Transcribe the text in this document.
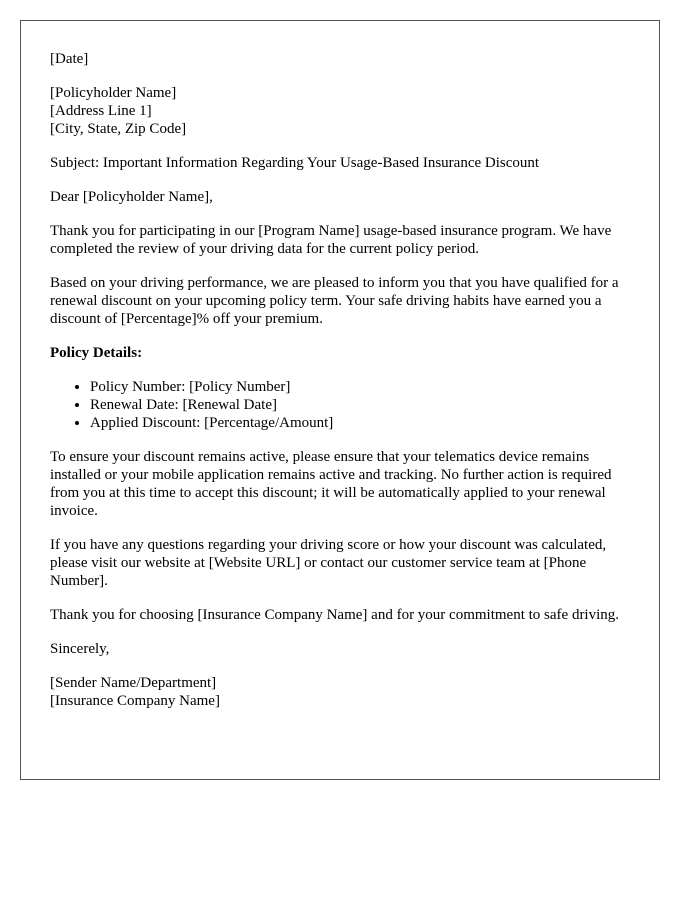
[Date]

[Policyholder Name]
[Address Line 1]
[City, State, Zip Code]

Subject: Important Information Regarding Your Usage-Based Insurance Discount

Dear [Policyholder Name],

Thank you for participating in our [Program Name] usage-based insurance program. We have completed the review of your driving data for the current policy period.

Based on your driving performance, we are pleased to inform you that you have qualified for a renewal discount on your upcoming policy term. Your safe driving habits have earned you a discount of [Percentage]% off your premium.

Policy Details:

• Policy Number: [Policy Number]
• Renewal Date: [Renewal Date]
• Applied Discount: [Percentage/Amount]

To ensure your discount remains active, please ensure that your telematics device remains installed or your mobile application remains active and tracking. No further action is required from you at this time to accept this discount; it will be automatically applied to your renewal invoice.

If you have any questions regarding your driving score or how your discount was calculated, please visit our website at [Website URL] or contact our customer service team at [Phone Number].

Thank you for choosing [Insurance Company Name] and for your commitment to safe driving.

Sincerely,

[Sender Name/Department]
[Insurance Company Name]
